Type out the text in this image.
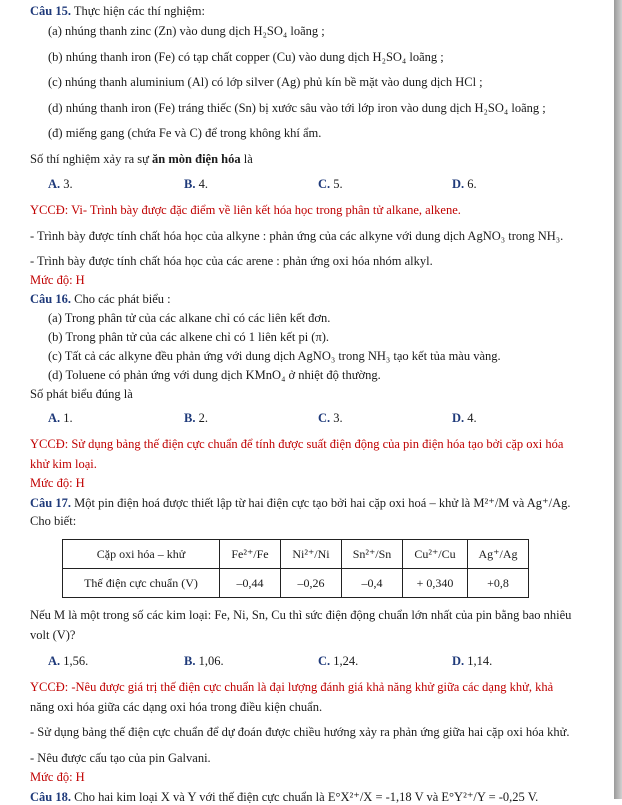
Câu 15. Thực hiện các thí nghiệm:
(a) nhúng thanh zinc (Zn) vào dung dịch H₂SO₄ loãng ;
(b) nhúng thanh iron (Fe) có tạp chất copper (Cu) vào dung dịch H₂SO₄ loãng ;
(c) nhúng thanh aluminium (Al) có lớp silver (Ag) phủ kín bề mặt vào dung dịch HCl ;
(d) nhúng thanh iron (Fe) tráng thiếc (Sn) bị xước sâu vào tới lớp iron vào dung dịch H₂SO₄ loãng ;
(đ) miếng gang (chứa Fe và C) để trong không khí ẩm.
Số thí nghiệm xảy ra sự ăn mòn điện hóa là
A. 3.	B. 4.	C. 5.	D. 6.
YCCĐ: Vi- Trình bày được đặc điểm về liên kết hóa học trong phân tử alkane, alkene.
- Trình bày được tính chất hóa học của alkyne : phản ứng của các alkyne với dung dịch AgNO₃ trong NH₃.
- Trình bày được tính chất hóa học của các arene : phản ứng oxi hóa nhóm alkyl.
Mức độ: H
Câu 16. Cho các phát biểu :
(a) Trong phân tử của các alkane chỉ có các liên kết đơn.
(b) Trong phân tử của các alkene chỉ có 1 liên kết pi (π).
(c) Tất cả các alkyne đều phản ứng với dung dịch AgNO₃ trong NH₃ tạo kết tủa màu vàng.
(d) Toluene có phản ứng với dung dịch KMnO₄ ở nhiệt độ thường.
Số phát biểu đúng là
A. 1.	B. 2.	C. 3.	D. 4.
YCCĐ: Sử dụng bảng thế điện cực chuẩn để tính được suất điện động của pin điện hóa tạo bởi cặp oxi hóa
khử kim loại.
Mức độ: H
Câu 17. Một pin điện hoá được thiết lập từ hai điện cực tạo bởi hai cặp oxi hoá – khử là M²⁺/M và Ag⁺/Ag.
Cho biết:
Cặp oxi hóa – khử	Fe²⁺/Fe	Ni²⁺/Ni	Sn²⁺/Sn	Cu²⁺/Cu	Ag⁺/Ag
Thế điện cực chuẩn (V)	–0,44	–0,26	–0,4	+ 0,340	+0,8
Nếu M là một trong số các kim loại: Fe, Ni, Sn, Cu thì sức điện động chuẩn lớn nhất của pin bằng bao nhiêu
volt (V)?
A. 1,56.	B. 1,06.	C. 1,24.	D. 1,14.
YCCĐ: -Nêu được giá trị thế điện cực chuẩn là đại lượng đánh giá khả năng khử giữa các dạng khử, khả
năng oxi hóa giữa các dạng oxi hóa trong điều kiện chuẩn.
- Sử dụng bảng thế điện cực chuẩn để dự đoán được chiều hướng xảy ra phản ứng giữa hai cặp oxi hóa khử.
- Nêu được cấu tạo của pin Galvani.
Mức độ: H
Câu 18. Cho hai kim loại X và Y với thế điện cực chuẩn là E°X²⁺/X = -1,18 V và E°Y²⁺/Y = -0,25 V.
